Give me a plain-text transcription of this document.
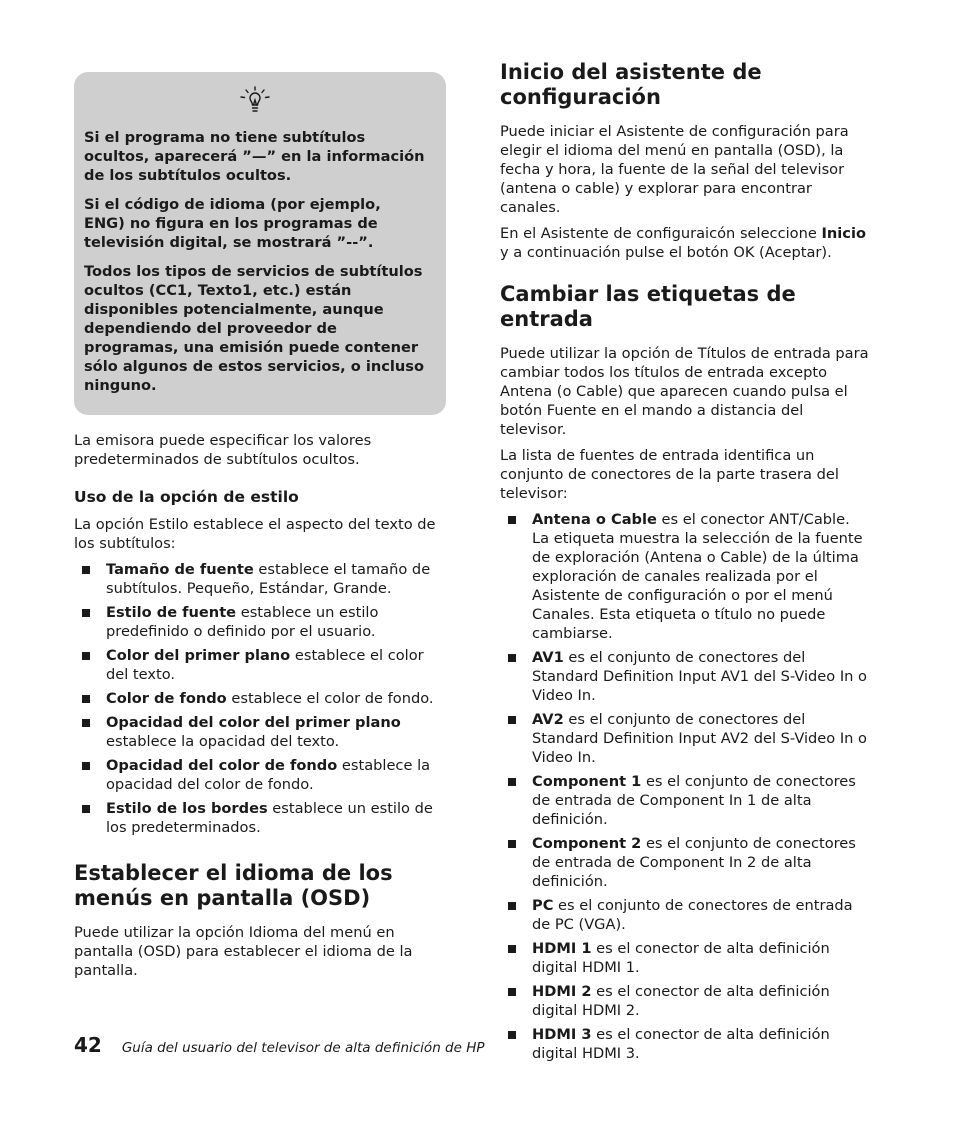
Si el programa no tiene subtítulos ocultos, aparecerá ”—” en la información de los subtítulos ocultos.

Si el código de idioma (por ejemplo, ENG) no figura en los programas de televisión digital, se mostrará ”--”.

Todos los tipos de servicios de subtítulos ocultos (CC1, Texto1, etc.) están disponibles potencialmente, aunque dependiendo del proveedor de programas, una emisión puede contener sólo algunos de estos servicios, o incluso ninguno.

La emisora puede especificar los valores predeterminados de subtítulos ocultos.

Uso de la opción de estilo

La opción Estilo establece el aspecto del texto de los subtítulos:

Tamaño de fuente establece el tamaño de subtítulos. Pequeño, Estándar, Grande.
Estilo de fuente establece un estilo predefinido o definido por el usuario.
Color del primer plano establece el color del texto.
Color de fondo establece el color de fondo.
Opacidad del color del primer plano establece la opacidad del texto.
Opacidad del color de fondo establece la opacidad del color de fondo.
Estilo de los bordes establece un estilo de los predeterminados.
Establecer el idioma de los menús en pantalla (OSD)

Puede utilizar la opción Idioma del menú en pantalla (OSD) para establecer el idioma de la pantalla.

Inicio del asistente de configuración

Puede iniciar el Asistente de configuración para elegir el idioma del menú en pantalla (OSD), la fecha y hora, la fuente de la señal del televisor (antena o cable) y explorar para encontrar canales.

En el Asistente de configuraicón seleccione Inicio y a continuación pulse el botón OK (Aceptar).

Cambiar las etiquetas de entrada

Puede utilizar la opción de Títulos de entrada para cambiar todos los títulos de entrada excepto Antena (o Cable) que aparecen cuando pulsa el botón Fuente en el mando a distancia del televisor.

La lista de fuentes de entrada identifica un conjunto de conectores de la parte trasera del televisor:

Antena o Cable es el conector ANT/Cable. La etiqueta muestra la selección de la fuente de exploración (Antena o Cable) de la última exploración de canales realizada por el Asistente de configuración o por el menú Canales. Esta etiqueta o título no puede cambiarse.
AV1 es el conjunto de conectores del Standard Definition Input AV1 del S-Video In o Video In.
AV2 es el conjunto de conectores del Standard Definition Input AV2 del S-Video In o Video In.
Component 1 es el conjunto de conectores de entrada de Component In 1 de alta definición.
Component 2 es el conjunto de conectores de entrada de Component In 2 de alta definición.
PC es el conjunto de conectores de entrada de PC (VGA).
HDMI 1 es el conector de alta definición digital HDMI 1.
HDMI 2 es el conector de alta definición digital HDMI 2.
HDMI 3 es el conector de alta definición digital HDMI 3.
42 Guía del usuario del televisor de alta definición de HP
